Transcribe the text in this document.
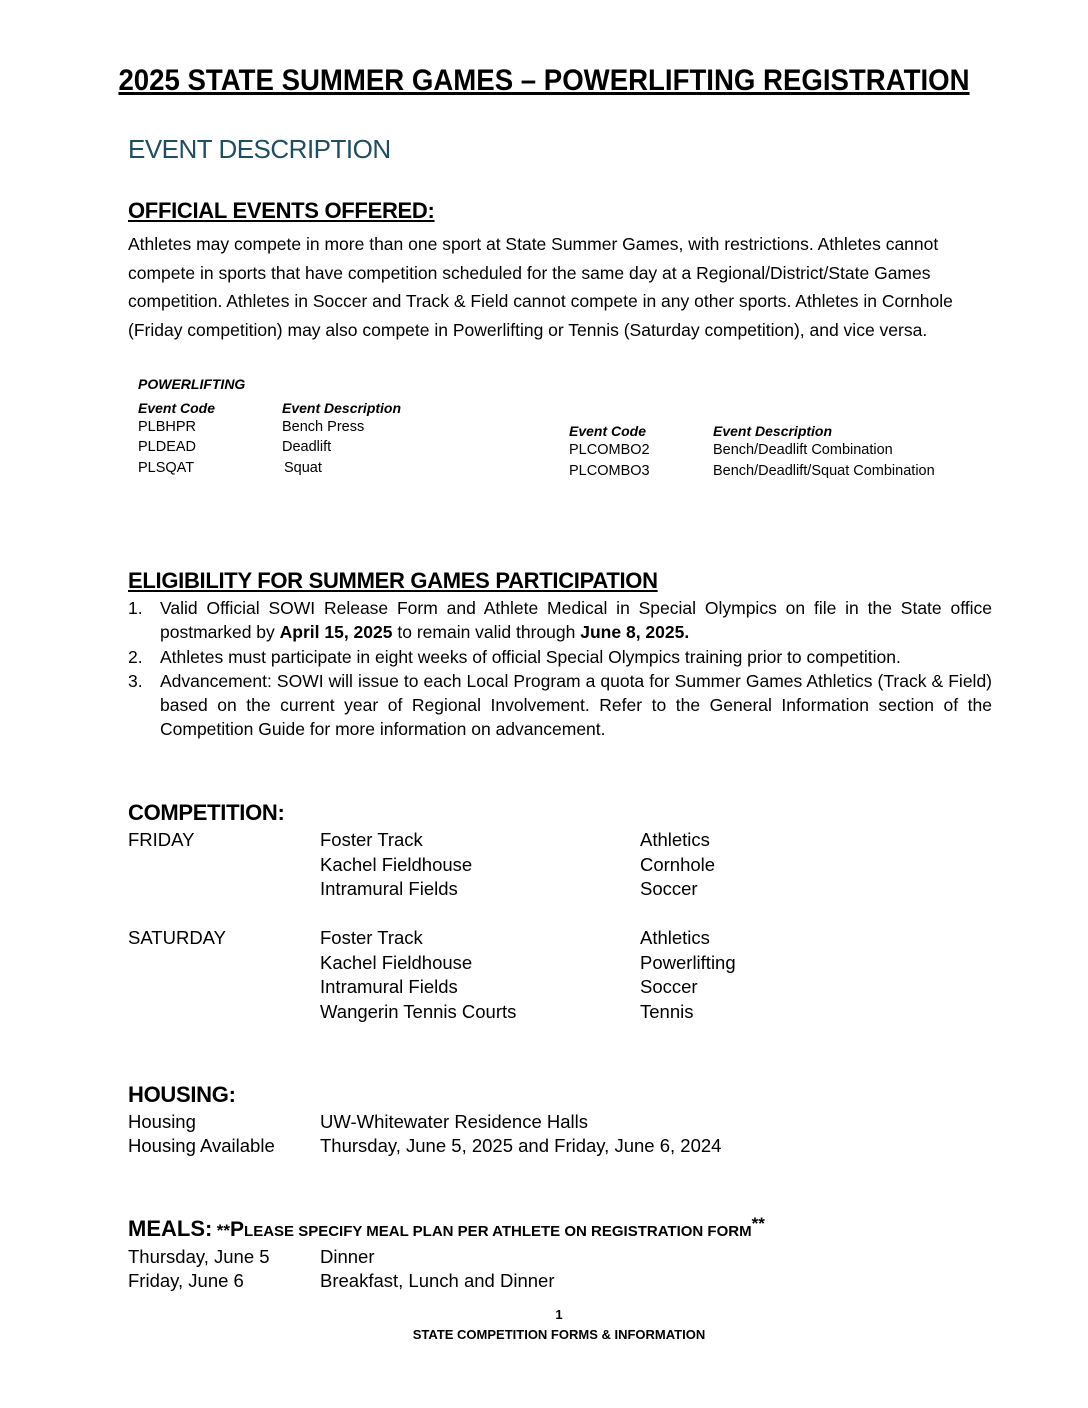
2025 STATE SUMMER GAMES – POWERLIFTING REGISTRATION
EVENT DESCRIPTION
OFFICIAL EVENTS OFFERED:
Athletes may compete in more than one sport at State Summer Games, with restrictions. Athletes cannot compete in sports that have competition scheduled for the same day at a Regional/District/State Games competition. Athletes in Soccer and Track & Field cannot compete in any other sports. Athletes in Cornhole (Friday competition) may also compete in Powerlifting or Tennis (Saturday competition), and vice versa.
POWERLIFTING
Event Code	Event Description
PLBHPR	Bench Press
PLDEAD	Deadlift
PLSQAT	Squat
Event Code	Event Description
PLCOMBO2	Bench/Deadlift Combination
PLCOMBO3	Bench/Deadlift/Squat Combination
ELIGIBILITY FOR SUMMER GAMES PARTICIPATION
1. Valid Official SOWI Release Form and Athlete Medical in Special Olympics on file in the State office postmarked by April 15, 2025 to remain valid through June 8, 2025.
2. Athletes must participate in eight weeks of official Special Olympics training prior to competition.
3. Advancement: SOWI will issue to each Local Program a quota for Summer Games Athletics (Track & Field) based on the current year of Regional Involvement. Refer to the General Information section of the Competition Guide for more information on advancement.
COMPETITION:
FRIDAY	Foster Track	Athletics
Kachel Fieldhouse	Cornhole
Intramural Fields	Soccer
SATURDAY	Foster Track	Athletics
Kachel Fieldhouse	Powerlifting
Intramural Fields	Soccer
Wangerin Tennis Courts	Tennis
HOUSING:
Housing	UW-Whitewater Residence Halls
Housing Available Thursday, June 5, 2025 and Friday, June 6, 2024
MEALS: **PLEASE SPECIFY MEAL PLAN PER ATHLETE ON REGISTRATION FORM**
Thursday, June 5	Dinner
Friday, June 6	Breakfast, Lunch and Dinner
1
STATE COMPETITION FORMS & INFORMATION
